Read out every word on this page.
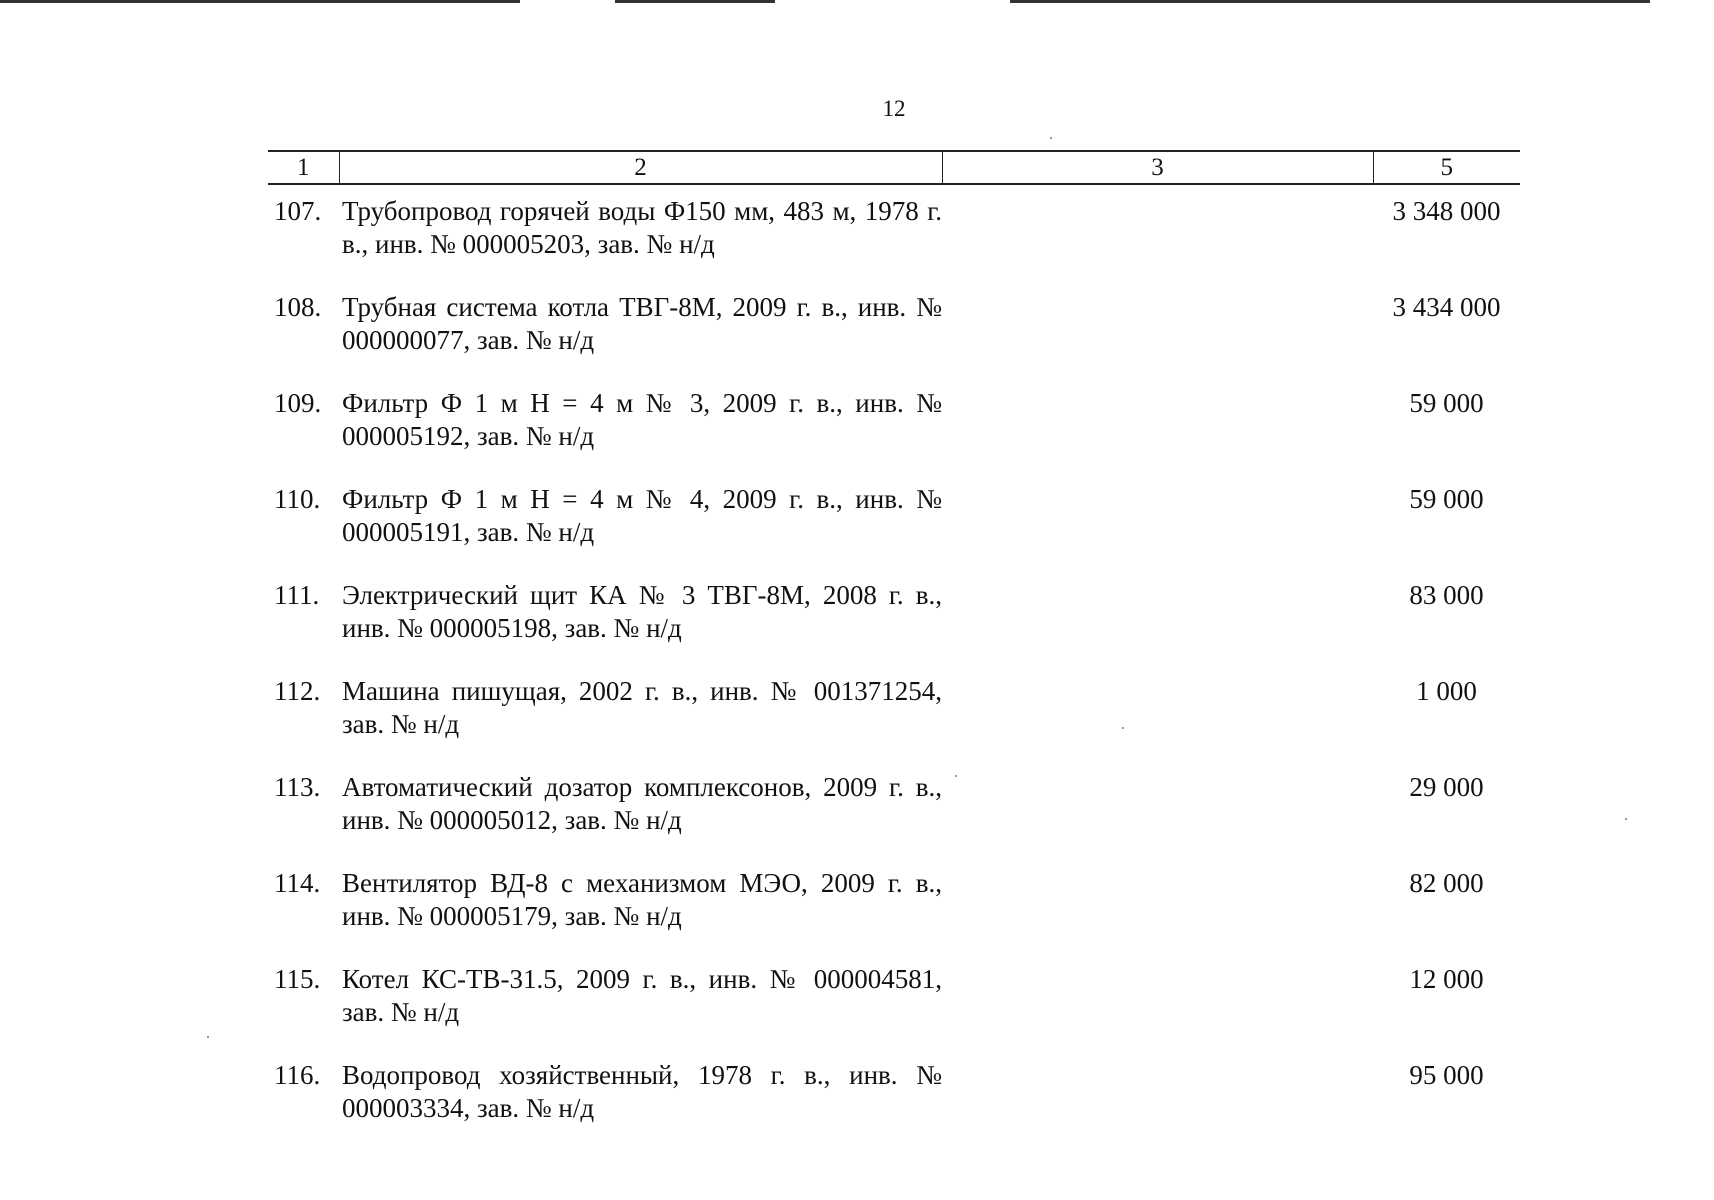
12
1	2	3	5
107.	Трубопровод горячей воды Ф150 мм, 483 м, 1978 г. в., инв. № 000005203, зав. № н/д		3 348 000
108.	Трубная система котла ТВГ-8М, 2009 г. в., инв. № 000000077, зав. № н/д		3 434 000
109.	Фильтр Ф 1 м Н = 4 м № 3, 2009 г. в., инв. № 000005192, зав. № н/д		59 000
110.	Фильтр Ф 1 м Н = 4 м № 4, 2009 г. в., инв. № 000005191, зав. № н/д		59 000
111.	Электрический щит КА № 3 ТВГ-8М, 2008 г. в., инв. № 000005198, зав. № н/д		83 000
112.	Машина пишущая, 2002 г. в., инв. № 001371254, зав. № н/д		1 000
113.	Автоматический дозатор комплексонов, 2009 г. в., инв. № 000005012, зав. № н/д		29 000
114.	Вентилятор ВД-8 с механизмом МЭО, 2009 г. в., инв. № 000005179, зав. № н/д		82 000
115.	Котел КС-ТВ-31.5, 2009 г. в., инв. № 000004581, зав. № н/д		12 000
116.	Водопровод хозяйственный, 1978 г. в., инв. № 000003334, зав. № н/д		95 000
